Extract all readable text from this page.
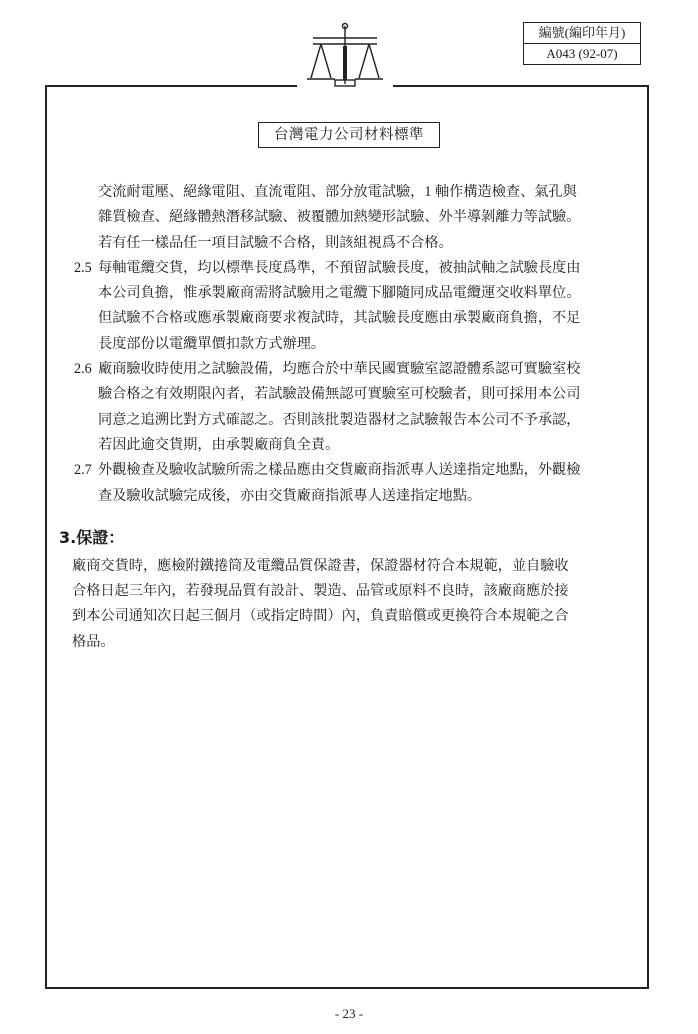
編號(編印年月)
A043 (92-07)
台灣電力公司材料標準
交流耐電壓、絕緣電阻、直流電阻、部分放電試驗，1 軸作構造檢查、氣孔與
雜質檢查、絕緣體熱潛移試驗、被覆體加熱變形試驗、外半導剝離力等試驗。
若有任一樣品任一項目試驗不合格，則該組視爲不合格。
2.5 每軸電纜交貨，均以標準長度爲準，不預留試驗長度，被抽試軸之試驗長度由
本公司負擔，惟承製廠商需將試驗用之電纜下腳隨同成品電纜運交收料單位。
但試驗不合格或應承製廠商要求複試時，其試驗長度應由承製廠商負擔，不足
長度部份以電纜單價扣款方式辦理。
2.6 廠商驗收時使用之試驗設備，均應合於中華民國實驗室認證體系認可實驗室校
驗合格之有效期限內者，若試驗設備無認可實驗室可校驗者，則可採用本公司
同意之追溯比對方式確認之。否則該批製造器材之試驗報告本公司不予承認，
若因此逾交貨期，由承製廠商負全責。
2.7 外觀檢查及驗收試驗所需之樣品應由交貨廠商指派專人送達指定地點，外觀檢
查及驗收試驗完成後，亦由交貨廠商指派專人送達指定地點。
3.保證：
廠商交貨時，應檢附鐵捲筒及電纜品質保證書，保證器材符合本規範，並自驗收
合格日起三年內，若發現品質有設計、製造、品管或原料不良時，該廠商應於接
到本公司通知次日起三個月（或指定時間）內，負責賠償或更換符合本規範之合
格品。
- 23 -
